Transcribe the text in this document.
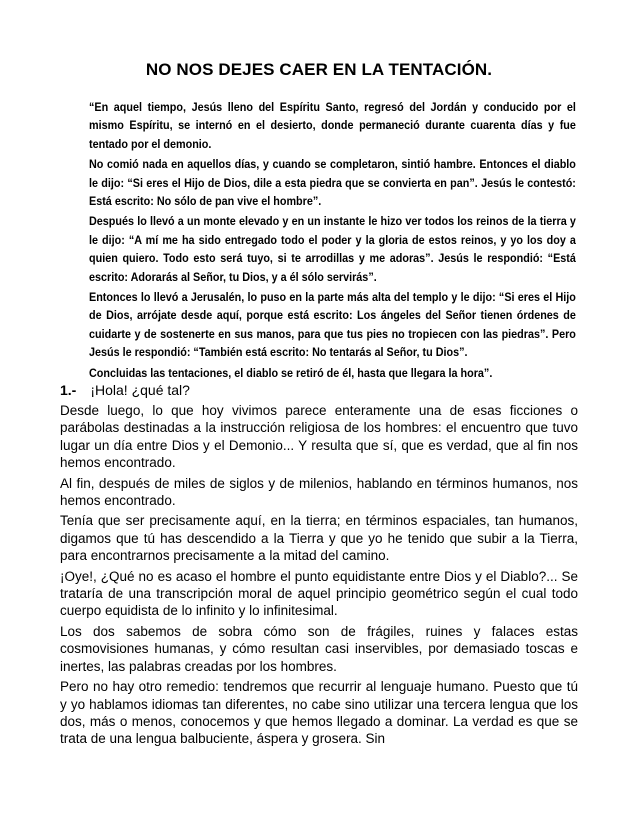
NO NOS DEJES CAER EN LA TENTACIÓN.

“En aquel tiempo, Jesús lleno del Espíritu Santo, regresó del Jordán y conducido por el mismo Espíritu, se internó en el desierto, donde permaneció durante cuarenta días y fue tentado por el demonio.

No comió nada en aquellos días, y cuando se completaron, sintió hambre. Entonces el diablo le dijo: “Si eres el Hijo de Dios, dile a esta piedra que se convierta en pan”. Jesús le contestó: Está escrito: No sólo de pan vive el hombre”.

Después lo llevó a un monte elevado y en un instante le hizo ver todos los reinos de la tierra y le dijo: “A mí me ha sido entregado todo el poder y la gloria de estos reinos, y yo los doy a quien quiero. Todo esto será tuyo, si te arrodillas y me adoras”. Jesús le respondió: “Está escrito: Adorarás al Señor, tu Dios, y a él sólo servirás”.

Entonces lo llevó a Jerusalén, lo puso en la parte más alta del templo y le dijo: “Si eres el Hijo de Dios, arrójate desde aquí, porque está escrito: Los ángeles del Señor tienen órdenes de cuidarte y de sostenerte en sus manos, para que tus pies no tropiecen con las piedras”. Pero Jesús le respondió: “También está escrito: No tentarás al Señor, tu Dios”.

Concluidas las tentaciones, el diablo se retiró de él, hasta que llegara la hora”.

1.- ¡Hola! ¿qué tal?

Desde luego, lo que hoy vivimos parece enteramente una de esas ficciones o parábolas destinadas a la instrucción religiosa de los hombres: el encuentro que tuvo lugar un día entre Dios y el Demonio... Y resulta que sí, que es verdad, que al fin nos hemos encontrado.

Al fin, después de miles de siglos y de milenios, hablando en términos humanos, nos hemos encontrado.

Tenía que ser precisamente aquí, en la tierra; en términos espaciales, tan humanos, digamos que tú has descendido a la Tierra y que yo he tenido que subir a la Tierra, para encontrarnos precisamente a la mitad del camino.

¡Oye!, ¿Qué no es acaso el hombre el punto equidistante entre Dios y el Diablo?... Se trataría de una transcripción moral de aquel principio geométrico según el cual todo cuerpo equidista de lo infinito y lo infinitesimal.

Los dos sabemos de sobra cómo son de frágiles, ruines y falaces estas cosmovisiones humanas, y cómo resultan casi inservibles, por demasiado toscas e inertes, las palabras creadas por los hombres.

Pero no hay otro remedio: tendremos que recurrir al lenguaje humano. Puesto que tú y yo hablamos idiomas tan diferentes, no cabe sino utilizar una tercera lengua que los dos, más o menos, conocemos y que hemos llegado a dominar. La verdad es que se trata de una lengua balbuciente, áspera y grosera. Sin
